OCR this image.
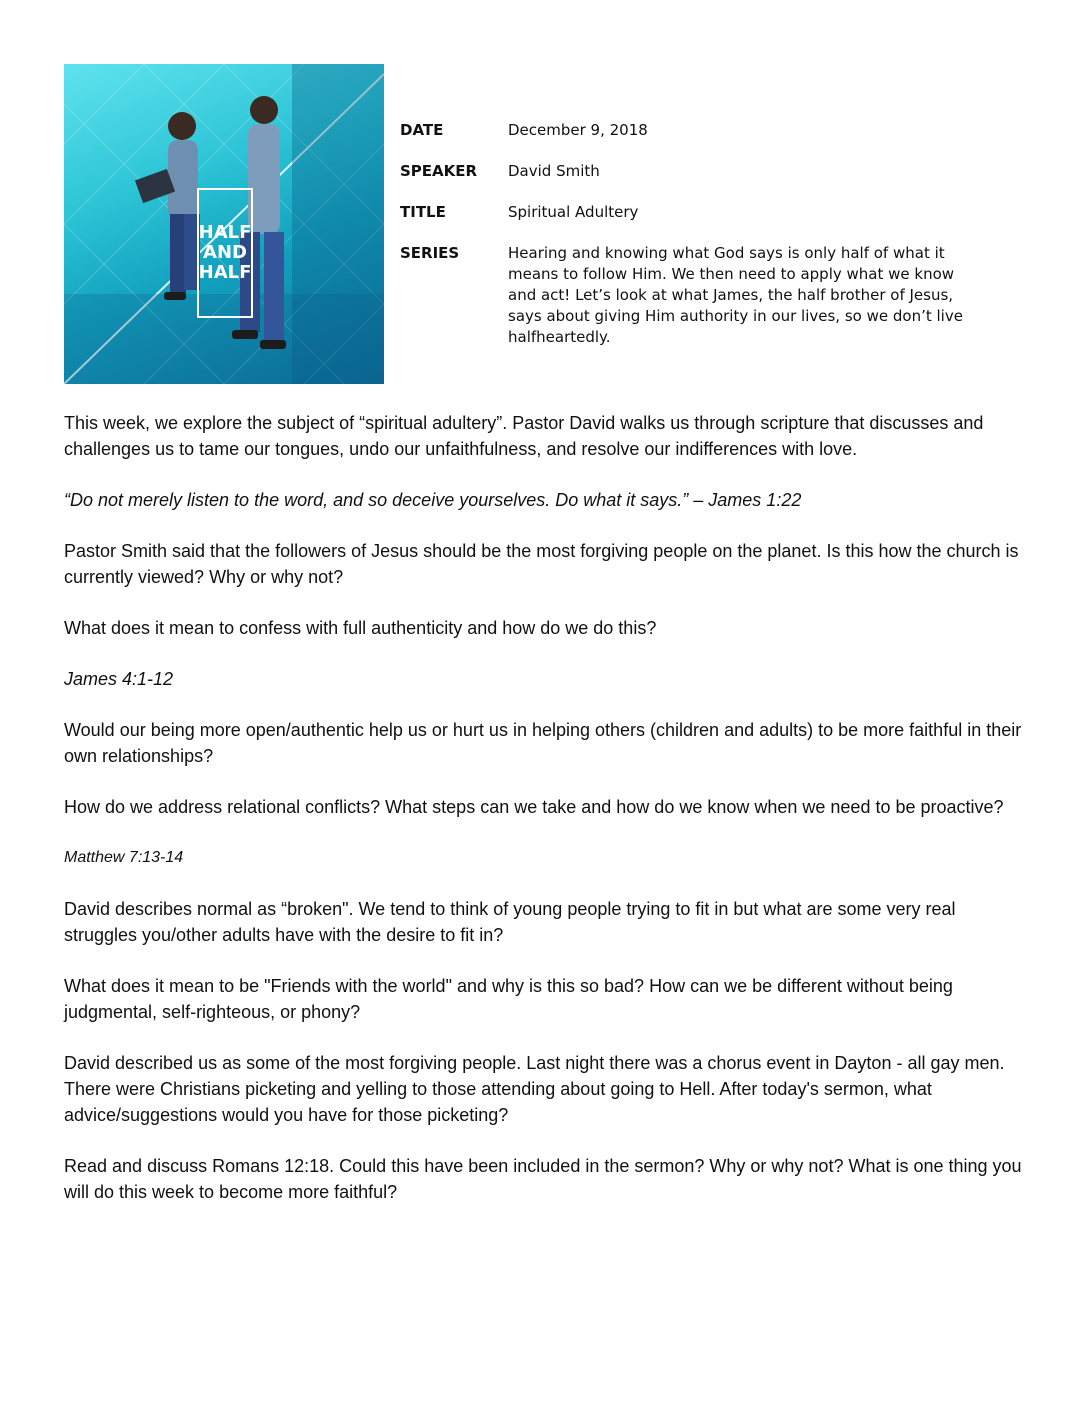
HALF
AND
HALF
DATE	December 9, 2018
SPEAKER	David Smith
TITLE	Spiritual Adultery
SERIES	Hearing and knowing what God says is only half of what it means to follow Him. We then need to apply what we know and act! Let’s look at what James, the half brother of Jesus, says about giving Him authority in our lives, so we don’t live halfheartedly.

This week, we explore the subject of “spiritual adultery”. Pastor David walks us through scripture that discusses and challenges us to tame our tongues, undo our unfaithfulness, and resolve our indifferences with love.

“Do not merely listen to the word, and so deceive yourselves. Do what it says.” – James 1:22

Pastor Smith said that the followers of Jesus should be the most forgiving people on the planet. Is this how the church is currently viewed? Why or why not?

What does it mean to confess with full authenticity and how do we do this?

James 4:1-12

Would our being more open/authentic help us or hurt us in helping others (children and adults) to be more faithful in their own relationships?

How do we address relational conflicts? What steps can we take and how do we know when we need to be proactive?

Matthew 7:13-14

David describes normal as “broken". We tend to think of young people trying to fit in but what are some very real struggles you/other adults have with the desire to fit in?

What does it mean to be "Friends with the world" and why is this so bad? How can we be different without being judgmental, self-righteous, or phony?

David described us as some of the most forgiving people. Last night there was a chorus event in Dayton - all gay men. There were Christians picketing and yelling to those attending about going to Hell. After today's sermon, what advice/suggestions would you have for those picketing?

Read and discuss Romans 12:18. Could this have been included in the sermon? Why or why not? What is one thing you will do this week to become more faithful?
